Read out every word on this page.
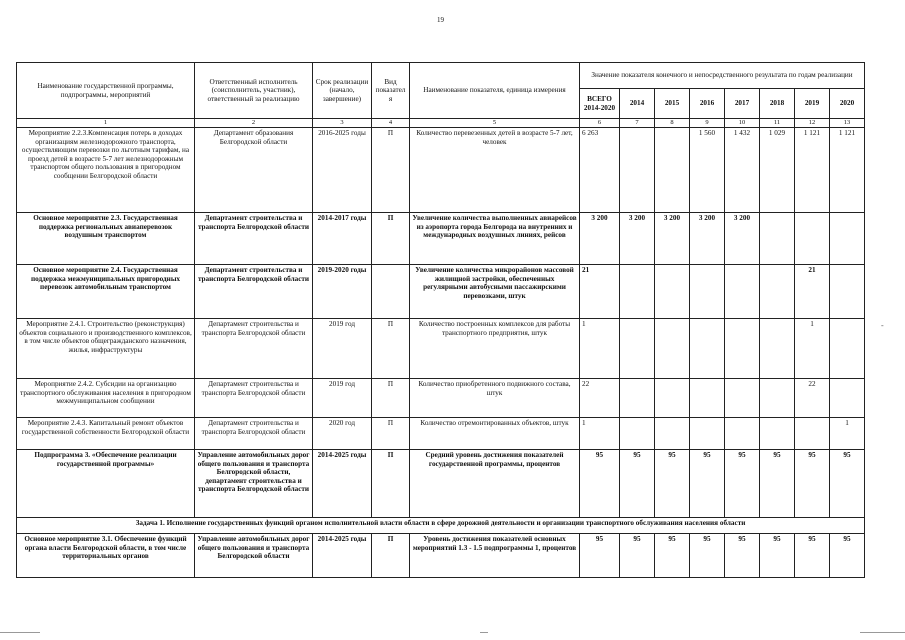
19
-
Наименование государственной программы, подпрограммы, мероприятий	Ответственный исполнитель (соисполнитель, участник), ответственный за реализацию	Срок реализации (начало, завершение)	Вид показателя	Наименование показателя, единица измерения	Значение показателя конечного и непосредственного результата по годам реализации							
					ВСЕГО 2014-2020	2014	2015	2016	2017	2018	2019	2020
1	2	3	4	5	6	7	8	9	10	11	12	13
Мероприятие 2.2.3.Компенсация потерь в доходах организациям железнодорожного транспорта, осуществляющим перевозки по льготным тарифам, на проезд детей в возрасте 5-7 лет железнодорожным транспортом общего пользования в пригородном сообщении Белгородской области	Департамент образования Белгородской области	2016-2025 годы	П	Количество перевезенных детей в возрасте 5-7 лет, человек	6 263			1 560	1 432	1 029	1 121	1 121
Основное мероприятие 2.3. Государственная поддержка региональных авиаперевозок воздушным транспортом	Департамент строительства и транспорта Белгородской области	2014-2017 годы	П	Увеличение количества выполненных авиарейсов из аэропорта города Белгорода на внутренних и международных воздушных линиях, рейсов	3 200	3 200	3 200	3 200	3 200			
Основное мероприятие 2.4. Государственная поддержка межмуниципальных пригородных перевозок автомобильным транспортом	Департамент строительства и транспорта Белгородской области	2019-2020 годы		Увеличение количества микрорайонов массовой жилищной застройки, обеспеченных регулярными автобусными пассажирскими перевозками, штук	21						21	
Мероприятие 2.4.1. Строительство (реконструкция) объектов социального и производственного комплексов, в том числе объектов общегражданского назначения, жилья, инфраструктуры	Департамент строительства и транспорта Белгородской области	2019 год	П	Количество построенных комплексов для работы транспортного предприятия, штук	1						1	
Мероприятие 2.4.2. Субсидии на организацию транспортного обслуживания населения в пригородном межмуниципальном сообщении	Департамент строительства и транспорта Белгородской области	2019 год	П	Количество приобретенного подвижного состава, штук	22						22	
Мероприятие 2.4.3. Капитальный ремонт объектов государственной собственности Белгородской области	Департамент строительства и транспорта Белгородской области	2020 год	П	Количество отремонтированных объектов, штук	1							1
Подпрограмма 3. «Обеспечение реализации государственной программы»	Управление автомобильных дорог общего пользования и транспорта Белгородской области, департамент строительства и транспорта Белгородской области	2014-2025 годы	П	Средний уровень достижения показателей государственной программы, процентов	95	95	95	95	95	95	95	95
Задача 1. Исполнение государственных функций органом исполнительной власти области в сфере дорожной деятельности и организации транспортного обслуживания населения области												
Основное мероприятие 3.1. Обеспечение функций органа власти Белгородской области, в том числе территориальных органов	Управление автомобильных дорог общего пользования и транспорта Белгородской области	2014-2025 годы	П	Уровень достижения показателей основных мероприятий 1.3 - 1.5 подпрограммы 1, процентов	95	95	95	95	95	95	95	95
